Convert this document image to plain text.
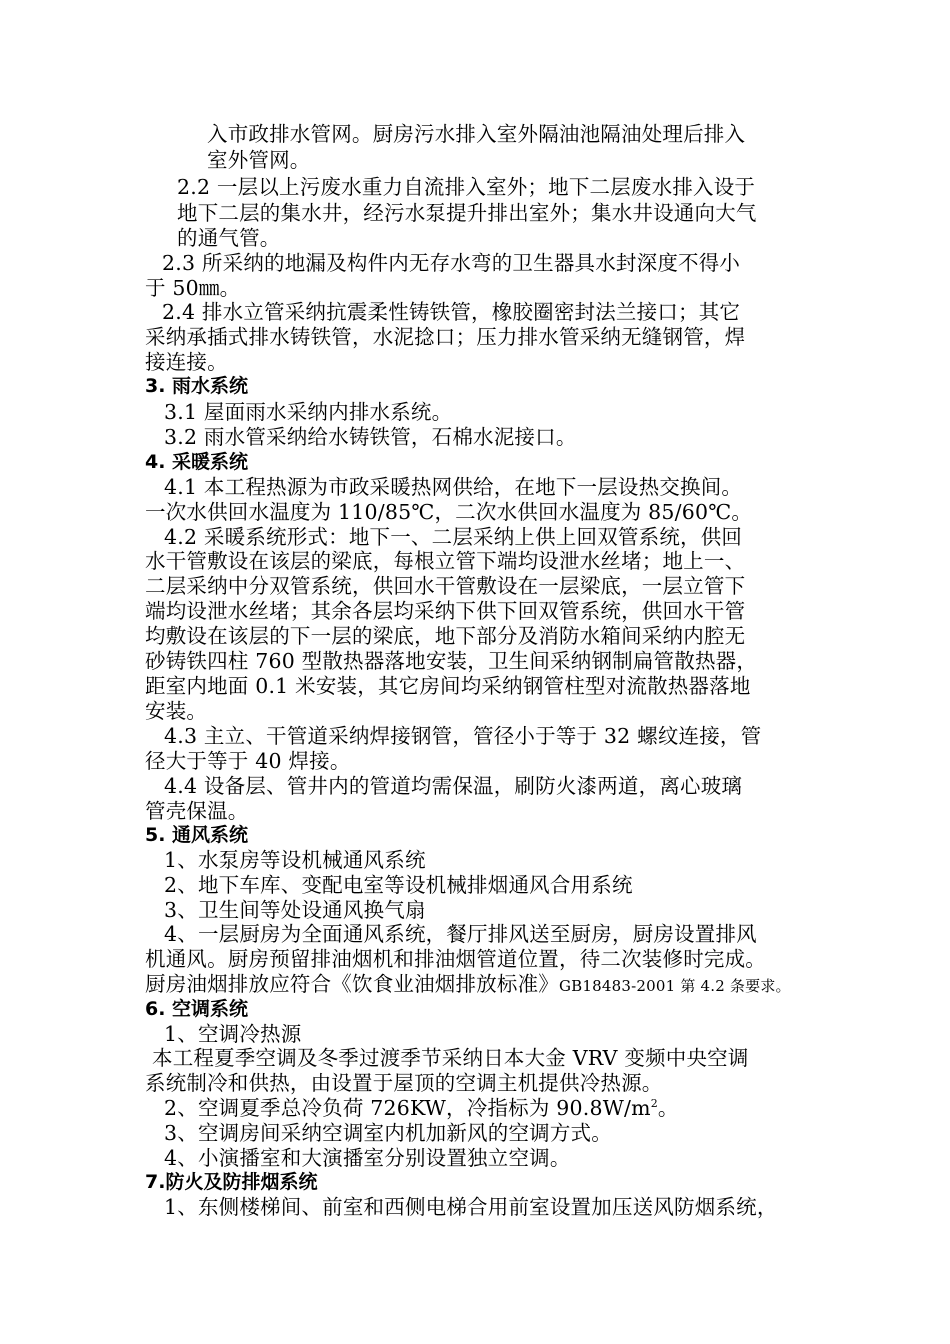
入市政排水管网。厨房污水排入室外隔油池隔油处理后排入
室外管网。
2.2 一层以上污废水重力自流排入室外；地下二层废水排入设于
地下二层的集水井，经污水泵提升排出室外；集水井设通向大气
的通气管。
2.3 所采纳的地漏及构件内无存水弯的卫生器具水封深度不得小
于 50㎜。
2.4 排水立管采纳抗震柔性铸铁管，橡胶圈密封法兰接口；其它
采纳承插式排水铸铁管，水泥捻口；压力排水管采纳无缝钢管，焊
接连接。
3. 雨水系统
3.1 屋面雨水采纳内排水系统。
3.2 雨水管采纳给水铸铁管，石棉水泥接口。
4. 采暖系统
4.1 本工程热源为市政采暖热网供给，在地下一层设热交换间。
一次水供回水温度为 110/85℃，二次水供回水温度为 85/60℃。
4.2 采暖系统形式：地下一、二层采纳上供上回双管系统，供回
水干管敷设在该层的梁底，每根立管下端均设泄水丝堵；地上一、
二层采纳中分双管系统，供回水干管敷设在一层梁底，一层立管下
端均设泄水丝堵；其余各层均采纳下供下回双管系统，供回水干管
均敷设在该层的下一层的梁底，地下部分及消防水箱间采纳内腔无
砂铸铁四柱 760 型散热器落地安装，卫生间采纳钢制扁管散热器，
距室内地面 0.1 米安装，其它房间均采纳钢管柱型对流散热器落地
安装。
4.3 主立、干管道采纳焊接钢管，管径小于等于 32 螺纹连接，管
径大于等于 40 焊接。
4.4 设备层、管井内的管道均需保温，刷防火漆两道，离心玻璃
管壳保温。
5. 通风系统
1、水泵房等设机械通风系统
2、地下车库、变配电室等设机械排烟通风合用系统
3、卫生间等处设通风换气扇
4、一层厨房为全面通风系统，餐厅排风送至厨房，厨房设置排风
机通风。厨房预留排油烟机和排油烟管道位置，待二次装修时完成。
厨房油烟排放应符合《饮食业油烟排放标准》GB18483-2001 第 4.2 条要求。
6. 空调系统
1、空调冷热源
本工程夏季空调及冬季过渡季节采纳日本大金 VRV 变频中央空调
系统制冷和供热，由设置于屋顶的空调主机提供冷热源。
2、空调夏季总冷负荷 726KW，冷指标为 $90.8W/m^2$。
3、空调房间采纳空调室内机加新风的空调方式。
4、小演播室和大演播室分别设置独立空调。
7.防火及防排烟系统
1、东侧楼梯间、前室和西侧电梯合用前室设置加压送风防烟系统，
